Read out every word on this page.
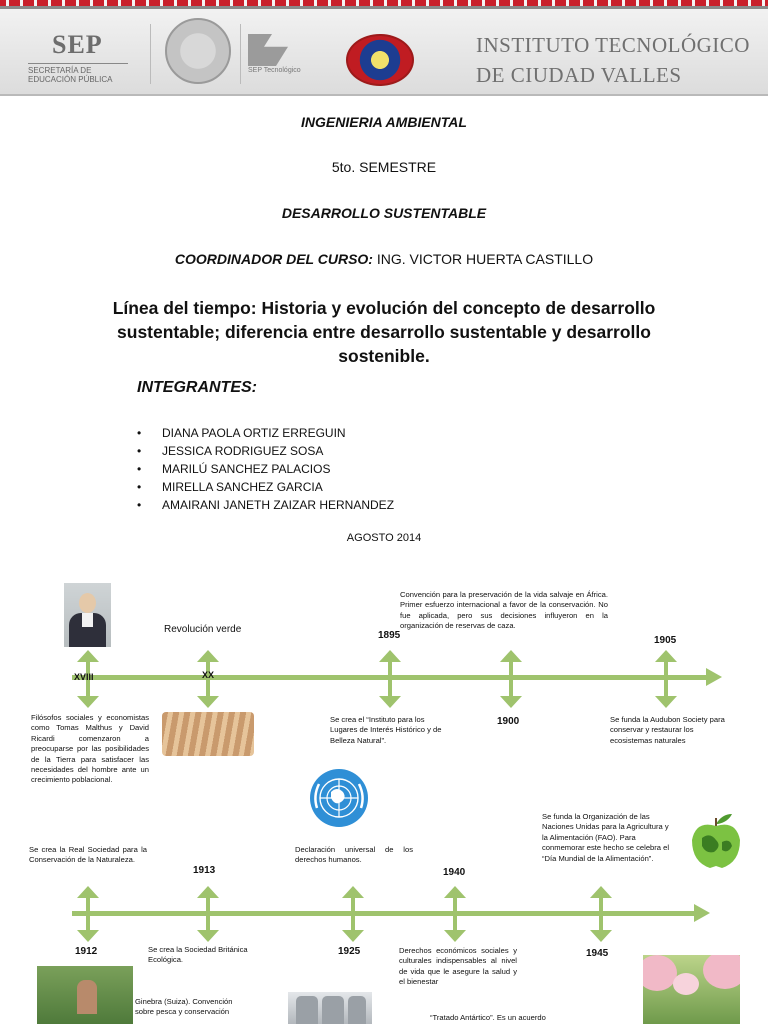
SEP
SECRETARÍA DE EDUCACIÓN PÚBLICA
SEP Tecnológico
INSTITUTO TECNOLÓGICO
DE CIUDAD VALLES
INGENIERIA AMBIENTAL
5to. SEMESTRE
DESARROLLO SUSTENTABLE
COORDINADOR DEL CURSO: ING. VICTOR HUERTA CASTILLO
Línea del tiempo: Historia y evolución del concepto de desarrollo sustentable; diferencia entre desarrollo sustentable y desarrollo sostenible.
INTEGRANTES:
• DIANA PAOLA ORTIZ ERREGUIN
• JESSICA RODRIGUEZ SOSA
• MARILÚ SANCHEZ PALACIOS
• MIRELLA SANCHEZ GARCIA
• AMAIRANI JANETH ZAIZAR HERNANDEZ
AGOSTO 2014
XVIII	XX
Revolución verde
1895
1900
1905
Filósofos sociales y economistas como Tomas Malthus y David Ricardi comenzaron a preocuparse por las posibilidades de la Tierra para satisfacer las necesidades del hombre ante un crecimiento poblacional.
Se crea el “Instituto para los Lugares de Interés Histórico y de Belleza Natural”.
Convención para la preservación de la vida salvaje en África. Primer esfuerzo internacional a favor de la conservación. No fue aplicada, pero sus decisiones influyeron en la organización de reservas de caza.
Se funda la Audubon Society para conservar y restaurar los ecosistemas naturales
1912
1913
1925
1940
1945
Se crea la Real Sociedad para la Conservación de la Naturaleza.
Se crea la Sociedad Británica Ecológica.
Declaración universal de los derechos humanos.
Derechos económicos sociales y culturales indispensables al nivel de vida que le asegure la salud y el bienestar
Se funda la Organización de las Naciones Unidas para la Agricultura y la Alimentación (FAO). Para conmemorar este hecho se celebra el “Día Mundial de la Alimentación”.
Ginebra (Suiza). Convención sobre pesca y conservación
“Tratado Antártico”. Es un acuerdo
